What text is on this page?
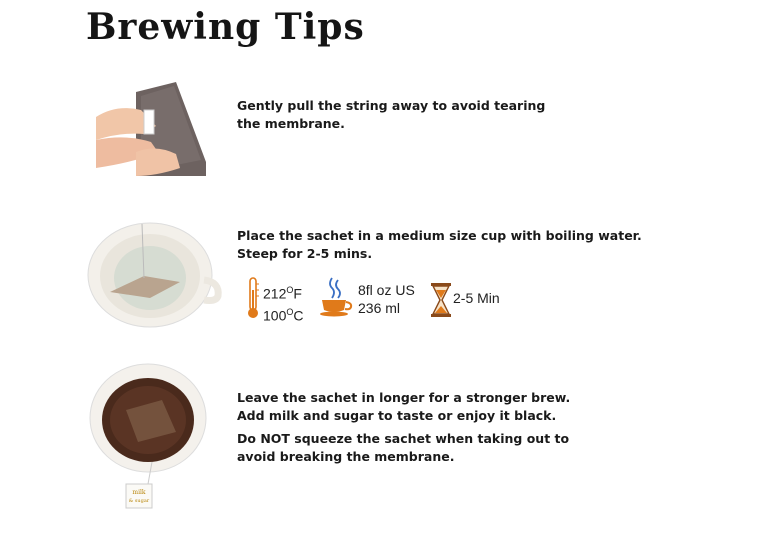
Brewing Tips

Gently pull the string away to avoid tearing

the membrane.

Place the sachet in a medium size cup with boiling water.

Steep for 2-5 mins.

$212^OF$
$100^OC$
8fl oz US
236 ml
2-5 Min
milk
& sugar

Leave the sachet in longer for a stronger brew.

Add milk and sugar to taste or enjoy it black.

Do NOT squeeze the sachet when taking out to

avoid breaking the membrane.
